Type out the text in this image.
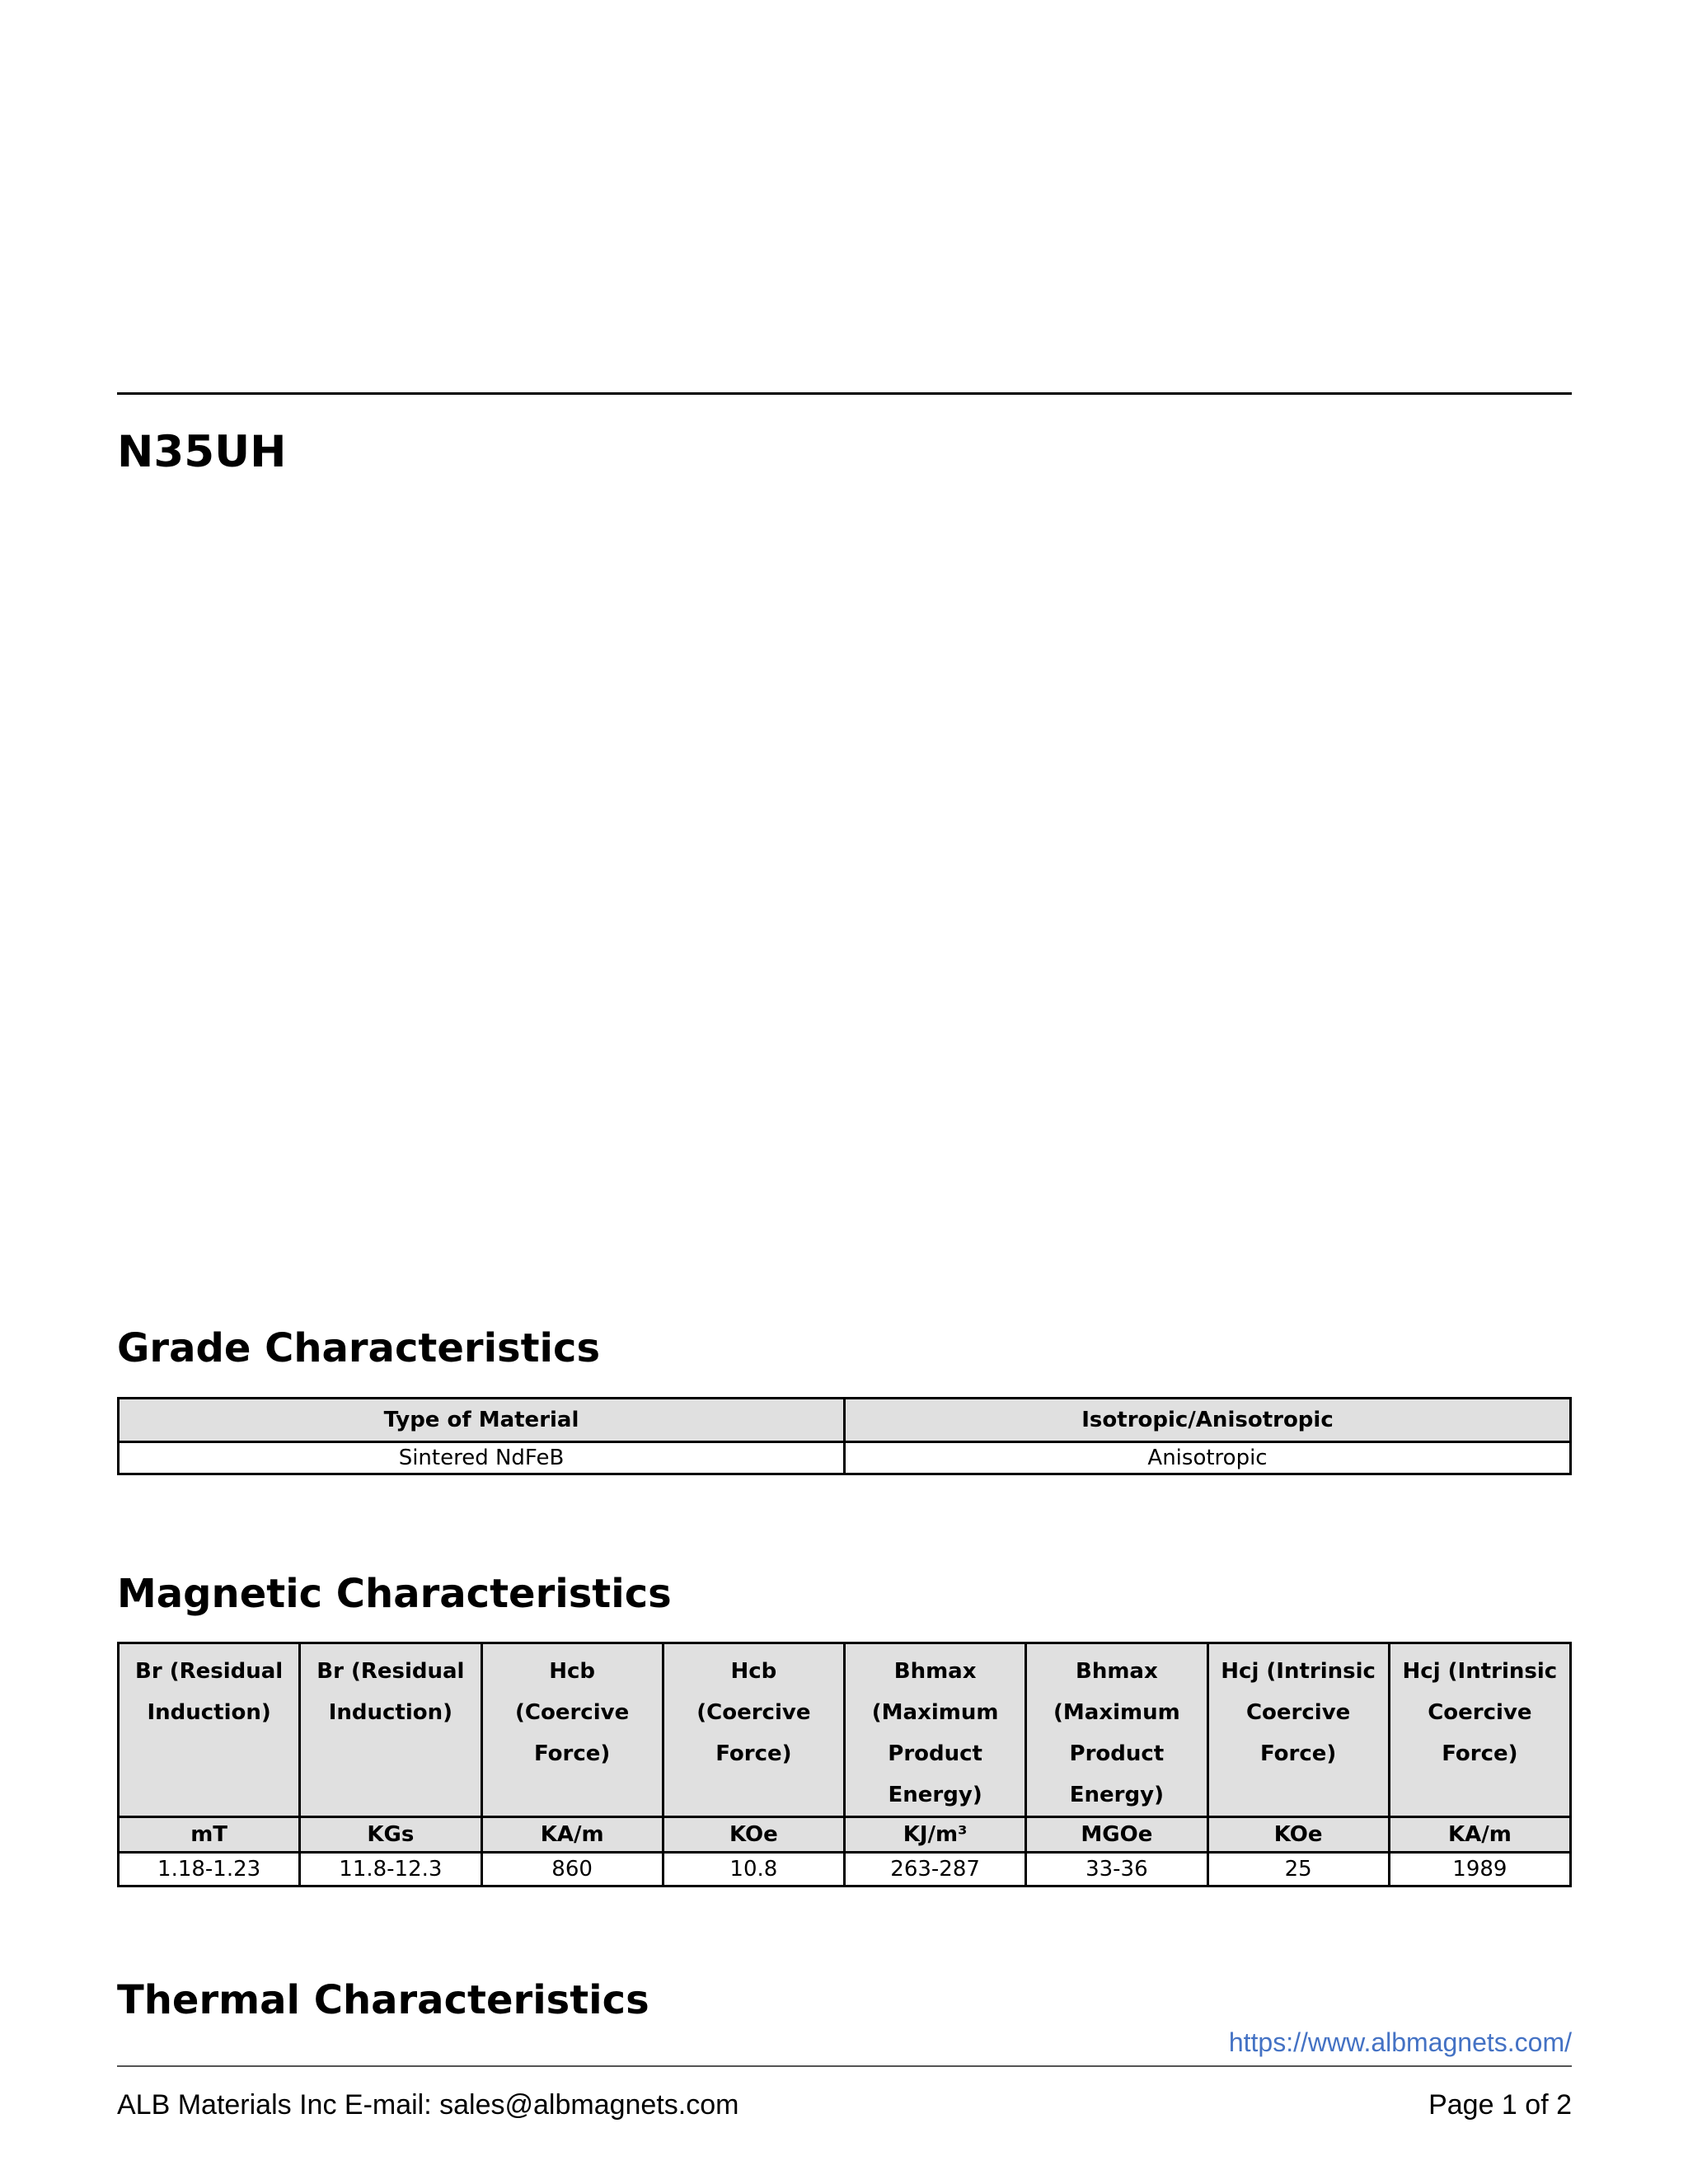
N35UH
Grade Characteristics
Type of Material	Isotropic/Anisotropic
Sintered NdFeB	Anisotropic
Magnetic Characteristics
Br (Residual
Induction)	Br (Residual
Induction)	Hcb
(Coercive
Force)	Hcb
(Coercive
Force)	Bhmax
(Maximum
Product
Energy)	Bhmax
(Maximum
Product
Energy)	Hcj (Intrinsic
Coercive
Force)	Hcj (Intrinsic
Coercive
Force)
mT	KGs	KA/m	KOe	KJ/m³	MGOe	KOe	KA/m
1.18-1.23	11.8-12.3	860	10.8	263-287	33-36	25	1989
Thermal Characteristics
https://www.albmagnets.com/
ALB Materials Inc E-mail: sales@albmagnets.com	Page 1 of 2
